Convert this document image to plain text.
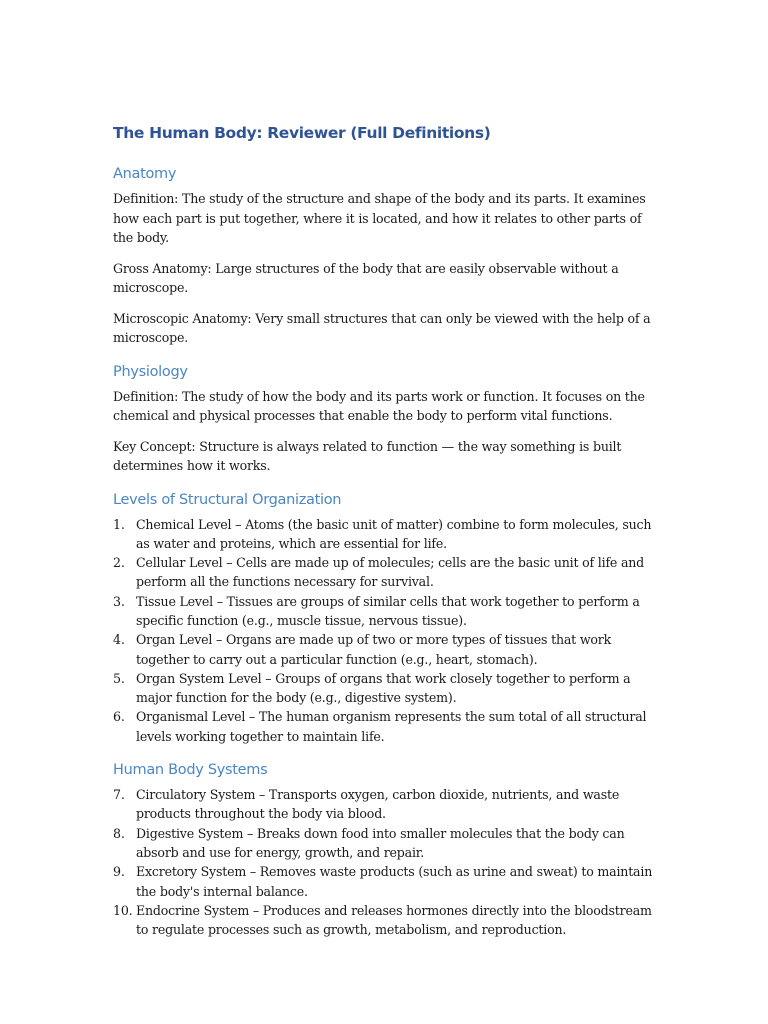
The Human Body: Reviewer (Full Definitions)
Anatomy

Definition: The study of the structure and shape of the body and its parts. It examines how each part is put together, where it is located, and how it relates to other parts of the body.

Gross Anatomy: Large structures of the body that are easily observable without a microscope.

Microscopic Anatomy: Very small structures that can only be viewed with the help of a microscope.

Physiology

Definition: The study of how the body and its parts work or function. It focuses on the chemical and physical processes that enable the body to perform vital functions.

Key Concept: Structure is always related to function — the way something is built determines how it works.

Levels of Structural Organization
1. Chemical Level – Atoms (the basic unit of matter) combine to form molecules, such as water and proteins, which are essential for life.
2. Cellular Level – Cells are made up of molecules; cells are the basic unit of life and perform all the functions necessary for survival.
3. Tissue Level – Tissues are groups of similar cells that work together to perform a specific function (e.g., muscle tissue, nervous tissue).
4. Organ Level – Organs are made up of two or more types of tissues that work together to carry out a particular function (e.g., heart, stomach).
5. Organ System Level – Groups of organs that work closely together to perform a major function for the body (e.g., digestive system).
6. Organismal Level – The human organism represents the sum total of all structural levels working together to maintain life.
Human Body Systems
7. Circulatory System – Transports oxygen, carbon dioxide, nutrients, and waste products throughout the body via blood.
8. Digestive System – Breaks down food into smaller molecules that the body can absorb and use for energy, growth, and repair.
9. Excretory System – Removes waste products (such as urine and sweat) to maintain the body's internal balance.
10. Endocrine System – Produces and releases hormones directly into the bloodstream to regulate processes such as growth, metabolism, and reproduction.
